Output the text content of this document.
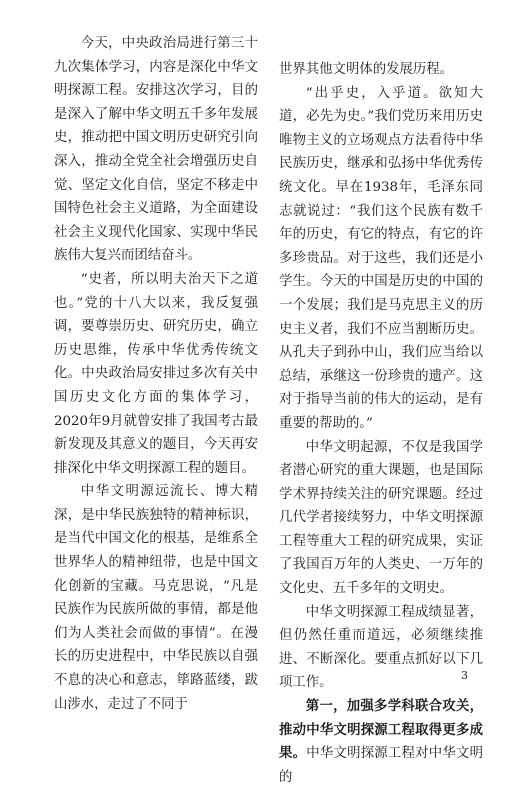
今天，中央政治局进行第三十九次集体学习，内容是深化中华文明探源工程。安排这次学习，目的是深入了解中华文明五千多年发展史，推动把中国文明历史研究引向深入，推动全党全社会增强历史自觉、坚定文化自信，坚定不移走中国特色社会主义道路，为全面建设社会主义现代化国家、实现中华民族伟大复兴而团结奋斗。

“史者，所以明夫治天下之道也。”党的十八大以来，我反复强调，要尊崇历史、研究历史，确立历史思维，传承中华优秀传统文化。中央政治局安排过多次有关中国历史文化方面的集体学习，2020年9月就曾安排了我国考古最新发现及其意义的题目，今天再安排深化中华文明探源工程的题目。

中华文明源远流长、博大精深，是中华民族独特的精神标识，是当代中国文化的根基，是维系全世界华人的精神纽带，也是中国文化创新的宝藏。马克思说，“凡是民族作为民族所做的事情，都是他们为人类社会而做的事情”。在漫长的历史进程中，中华民族以自强不息的决心和意志，筚路蓝缕，跋山涉水，走过了不同于

世界其他文明体的发展历程。

“出乎史，入乎道。欲知大道，必先为史。”我们党历来用历史唯物主义的立场观点方法看待中华民族历史，继承和弘扬中华优秀传统文化。早在1938年，毛泽东同志就说过：“我们这个民族有数千年的历史，有它的特点，有它的许多珍贵品。对于这些，我们还是小学生。今天的中国是历史的中国的一个发展；我们是马克思主义的历史主义者，我们不应当割断历史。从孔夫子到孙中山，我们应当给以总结，承继这一份珍贵的遗产。这对于指导当前的伟大的运动，是有重要的帮助的。”

中华文明起源，不仅是我国学者潜心研究的重大课题，也是国际学术界持续关注的研究课题。经过几代学者接续努力，中华文明探源工程等重大工程的研究成果，实证了我国百万年的人类史、一万年的文化史、五千多年的文明史。

中华文明探源工程成绩显著，但仍然任重而道远，必须继续推进、不断深化。要重点抓好以下几项工作。

第一，加强多学科联合攻关，推动中华文明探源工程取得更多成果。中华文明探源工程对中华文明的

3
